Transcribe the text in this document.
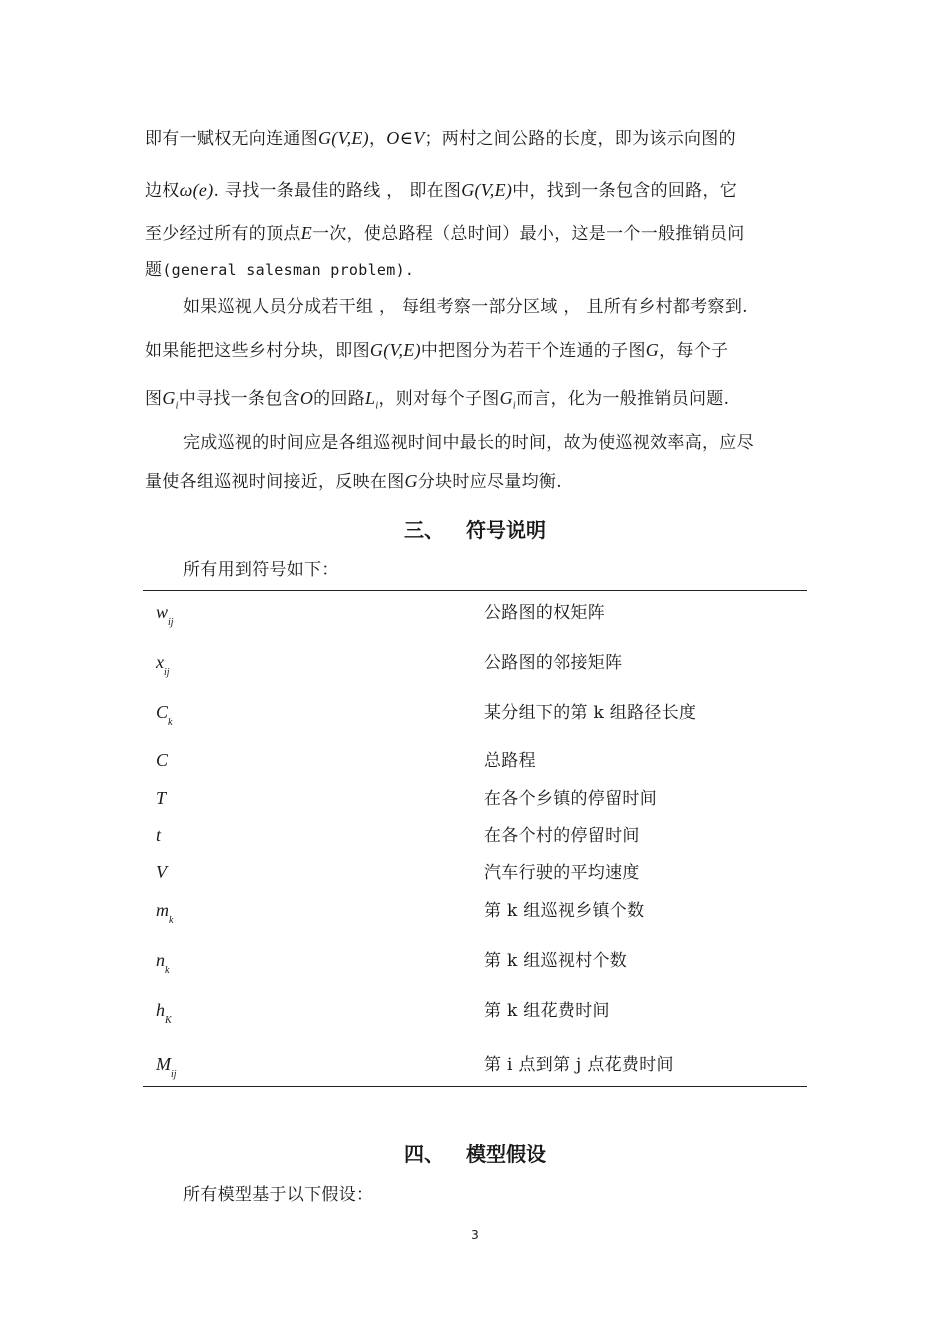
即有一赋权无向连通图G(V,E)，O∈V；两村之间公路的长度，即为该示向图的
边权ω(e). 寻找一条最佳的路线 ， 即在图G(V,E)中，找到一条包含的回路，它
至少经过所有的顶点E一次，使总路程（总时间）最小，这是一个一般推销员问
题(general salesman problem).
如果巡视人员分成若干组 ， 每组考察一部分区域 ， 且所有乡村都考察到.
如果能把这些乡村分块，即图G(V,E)中把图分为若干个连通的子图G，每个子
图$G_i$中寻找一条包含O的回路$L_i$，则对每个子图$G_i$而言，化为一般推销员问题.
完成巡视的时间应是各组巡视时间中最长的时间，故为使巡视效率高，应尽
量使各组巡视时间接近，反映在图G分块时应尽量均衡.
三、 符号说明
所有用到符号如下：
$w_{ij}$	公路图的权矩阵
$x_{ij}$	公路图的邻接矩阵
$C_k$	某分组下的第 k 组路径长度
C	总路程
T	在各个乡镇的停留时间
t	在各个村的停留时间
V	汽车行驶的平均速度
$m_k$	第 k 组巡视乡镇个数
$n_k$	第 k 组巡视村个数
$h_K$	第 k 组花费时间
$M_{ij}$	第 i 点到第 j 点花费时间
四、 模型假设
所有模型基于以下假设：
3
